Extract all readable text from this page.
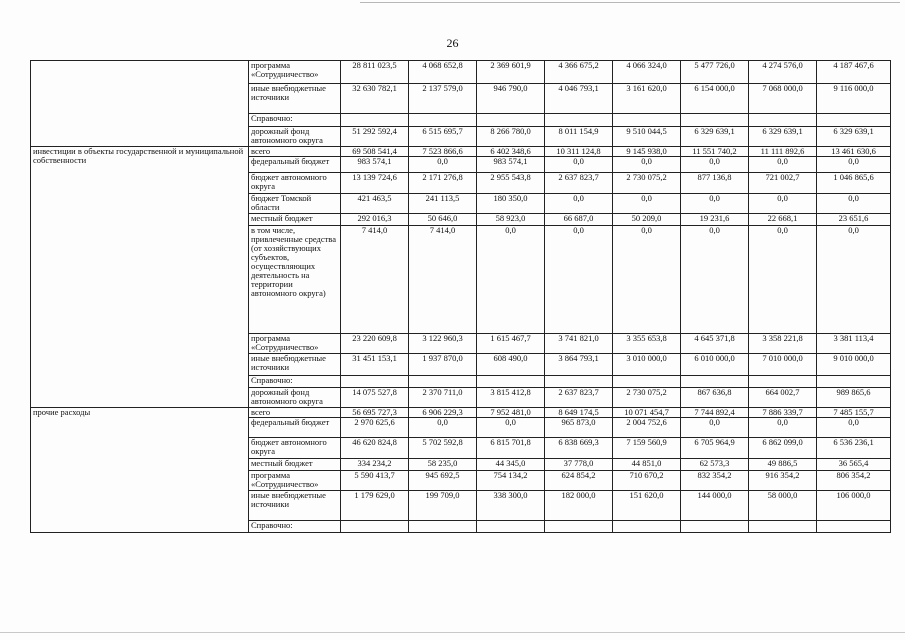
26
	программа «Сотрудничество»	28 811 023,5	4 068 652,8	2 369 601,9	4 366 675,2	4 066 324,0	5 477 726,0	4 274 576,0	4 187 467,6
	иные внебюджетные источники	32 630 782,1	2 137 579,0	946 790,0	4 046 793,1	3 161 620,0	6 154 000,0	7 068 000,0	9 116 000,0
	Справочно:								
	дорожный фонд автономного округа	51 292 592,4	6 515 695,7	8 266 780,0	8 011 154,9	9 510 044,5	6 329 639,1	6 329 639,1	6 329 639,1
инвестиции в объекты государственной и муниципальной собственности	всего	69 508 541,4	7 523 866,6	6 402 348,6	10 311 124,8	9 145 938,0	11 551 740,2	11 111 892,6	13 461 630,6
	федеральный бюджет	983 574,1	0,0	983 574,1	0,0	0,0	0,0	0,0	0,0
	бюджет автономного округа	13 139 724,6	2 171 276,8	2 955 543,8	2 637 823,7	2 730 075,2	877 136,8	721 002,7	1 046 865,6
	бюджет Томской области	421 463,5	241 113,5	180 350,0	0,0	0,0	0,0	0,0	0,0
	местный бюджет	292 016,3	50 646,0	58 923,0	66 687,0	50 209,0	19 231,6	22 668,1	23 651,6
	в том числе, привлеченные средства (от хозяйствующих субъектов, осуществляющих деятельность на территории автономного округа)	7 414,0	7 414,0	0,0	0,0	0,0	0,0	0,0	0,0
	программа «Сотрудничество»	23 220 609,8	3 122 960,3	1 615 467,7	3 741 821,0	3 355 653,8	4 645 371,8	3 358 221,8	3 381 113,4
	иные внебюджетные источники	31 451 153,1	1 937 870,0	608 490,0	3 864 793,1	3 010 000,0	6 010 000,0	7 010 000,0	9 010 000,0
	Справочно:								
	дорожный фонд автономного округа	14 075 527,8	2 370 711,0	3 815 412,8	2 637 823,7	2 730 075,2	867 636,8	664 002,7	989 865,6
прочие расходы	всего	56 695 727,3	6 906 229,3	7 952 481,0	8 649 174,5	10 071 454,7	7 744 892,4	7 886 339,7	7 485 155,7
	федеральный бюджет	2 970 625,6	0,0	0,0	965 873,0	2 004 752,6	0,0	0,0	0,0
	бюджет автономного округа	46 620 824,8	5 702 592,8	6 815 701,8	6 838 669,3	7 159 560,9	6 705 964,9	6 862 099,0	6 536 236,1
	местный бюджет	334 234,2	58 235,0	44 345,0	37 778,0	44 851,0	62 573,3	49 886,5	36 565,4
	программа «Сотрудничество»	5 590 413,7	945 692,5	754 134,2	624 854,2	710 670,2	832 354,2	916 354,2	806 354,2
	иные внебюджетные источники	1 179 629,0	199 709,0	338 300,0	182 000,0	151 620,0	144 000,0	58 000,0	106 000,0
	Справочно:								
